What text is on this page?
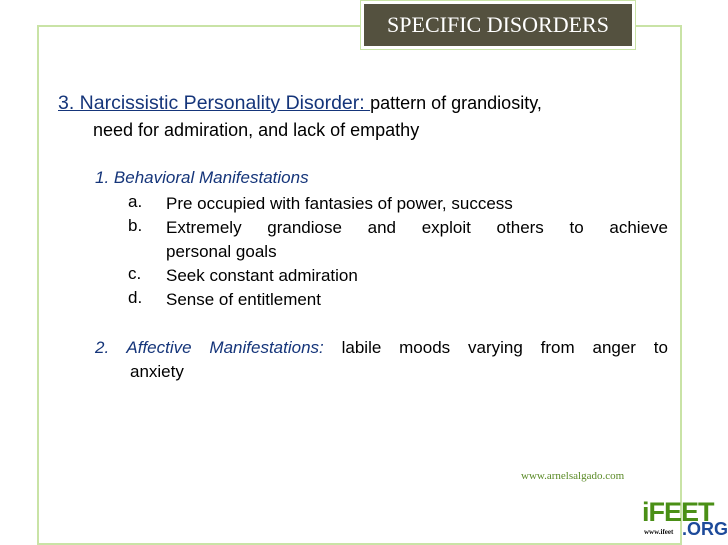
SPECIFIC DISORDERS
3. Narcissistic Personality Disorder: pattern of grandiosity,
need for admiration, and lack of empathy
1. Behavioral Manifestations
a. Pre occupied with fantasies of power, success
b. Extremely grandiose and exploit others to achieve
personal goals
c. Seek constant admiration
d. Sense of entitlement
2. Affective Manifestations: labile moods varying from anger to
anxiety
www.arnelsalgado.com
iFEET
www.ifeet .ORG
